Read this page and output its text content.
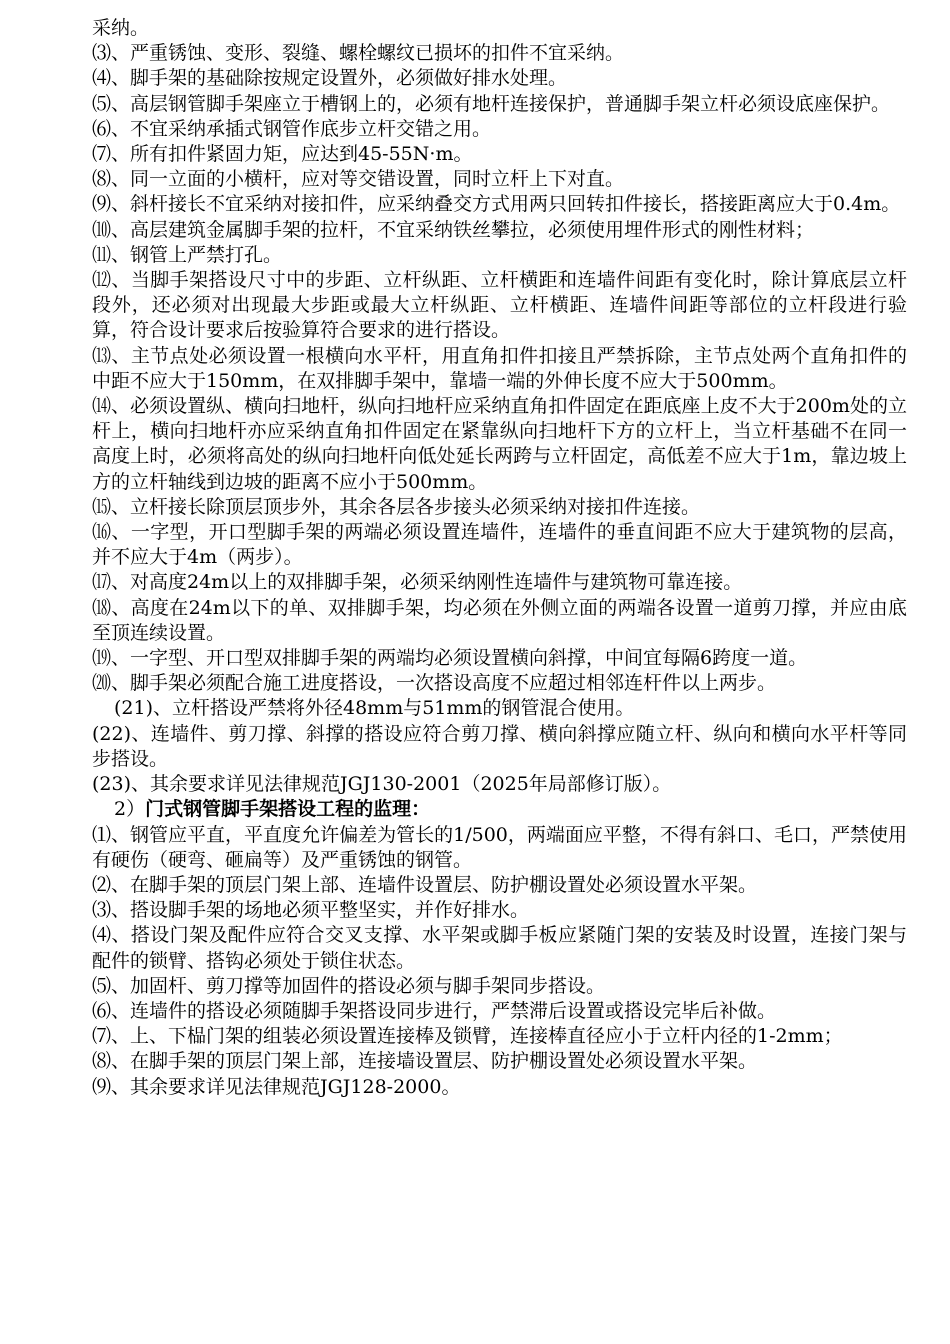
采纳。

⑶、严重锈蚀、变形、裂缝、螺栓螺纹已损坏的扣件不宜采纳。

⑷、脚手架的基础除按规定设置外，必须做好排水处理。

⑸、高层钢管脚手架座立于槽钢上的，必须有地杆连接保护，普通脚手架立杆必须设底座保护。

⑹、不宜采纳承插式钢管作底步立杆交错之用。

⑺、所有扣件紧固力矩，应达到45-55N·m。

⑻、同一立面的小横杆，应对等交错设置，同时立杆上下对直。

⑼、斜杆接长不宜采纳对接扣件，应采纳叠交方式用两只回转扣件接长，搭接距离应大于0.4m。

⑽、高层建筑金属脚手架的拉杆，不宜采纳铁丝攀拉，必须使用埋件形式的刚性材料；

⑾、钢管上严禁打孔。

⑿、当脚手架搭设尺寸中的步距、立杆纵距、立杆横距和连墙件间距有变化时，除计算底层立杆段外，还必须对出现最大步距或最大立杆纵距、立杆横距、连墙件间距等部位的立杆段进行验算，符合设计要求后按验算符合要求的进行搭设。

⒀、主节点处必须设置一根横向水平杆，用直角扣件扣接且严禁拆除，主节点处两个直角扣件的中距不应大于150mm，在双排脚手架中，靠墙一端的外伸长度不应大于500mm。

⒁、必须设置纵、横向扫地杆，纵向扫地杆应采纳直角扣件固定在距底座上皮不大于200m处的立杆上，横向扫地杆亦应采纳直角扣件固定在紧靠纵向扫地杆下方的立杆上，当立杆基础不在同一高度上时，必须将高处的纵向扫地杆向低处延长两跨与立杆固定，高低差不应大于1m，靠边坡上方的立杆轴线到边坡的距离不应小于500mm。

⒂、立杆接长除顶层顶步外，其余各层各步接头必须采纳对接扣件连接。

⒃、一字型，开口型脚手架的两端必须设置连墙件，连墙件的垂直间距不应大于建筑物的层高，并不应大于4m（两步）。

⒄、对高度24m以上的双排脚手架，必须采纳刚性连墙件与建筑物可靠连接。

⒅、高度在24m以下的单、双排脚手架，均必须在外侧立面的两端各设置一道剪刀撑，并应由底至顶连续设置。

⒆、一字型、开口型双排脚手架的两端均必须设置横向斜撑，中间宜每隔6跨度一道。

⒇、脚手架必须配合施工进度搭设，一次搭设高度不应超过相邻连杆件以上两步。

(21)、立杆搭设严禁将外径48mm与51mm的钢管混合使用。

(22)、连墙件、剪刀撑、斜撑的搭设应符合剪刀撑、横向斜撑应随立杆、纵向和横向水平杆等同步搭设。

(23)、其余要求详见法律规范JGJ130-2001（2025年局部修订版）。

2）门式钢管脚手架搭设工程的监理：

⑴、钢管应平直，平直度允许偏差为管长的1/500，两端面应平整，不得有斜口、毛口，严禁使用有硬伤（硬弯、砸扁等）及严重锈蚀的钢管。

⑵、在脚手架的顶层门架上部、连墙件设置层、防护棚设置处必须设置水平架。

⑶、搭设脚手架的场地必须平整坚实，并作好排水。

⑷、搭设门架及配件应符合交叉支撑、水平架或脚手板应紧随门架的安装及时设置，连接门架与配件的锁臂、搭钩必须处于锁住状态。

⑸、加固杆、剪刀撑等加固件的搭设必须与脚手架同步搭设。

⑹、连墙件的搭设必须随脚手架搭设同步进行，严禁滞后设置或搭设完毕后补做。

⑺、上、下榀门架的组装必须设置连接棒及锁臂，连接棒直径应小于立杆内径的1-2mm；

⑻、在脚手架的顶层门架上部，连接墙设置层、防护棚设置处必须设置水平架。

⑼、其余要求详见法律规范JGJ128-2000。
